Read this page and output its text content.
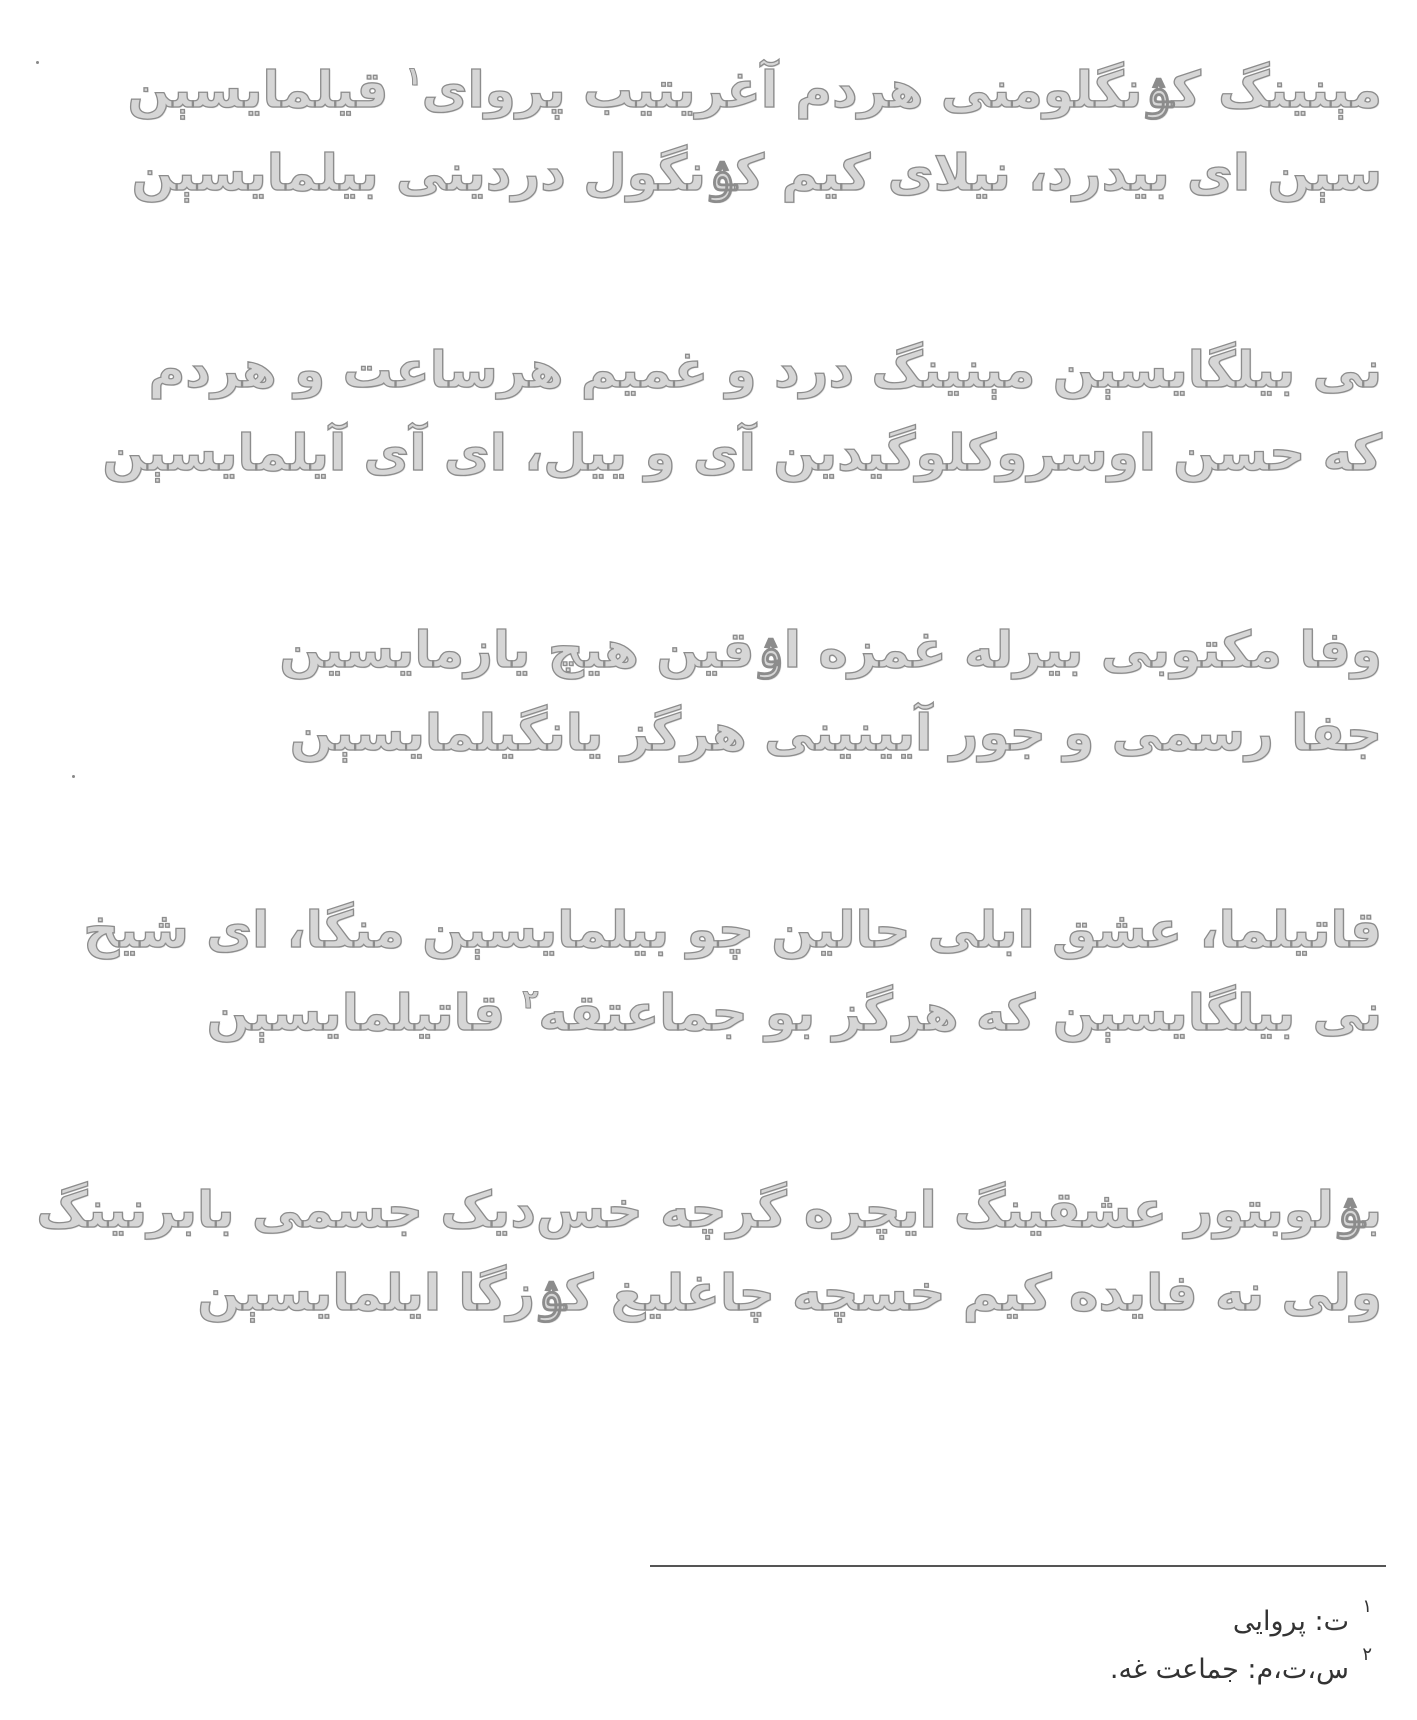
مېنینگ کۉنگلومنی هردم آغریتیب پروای$^۱$ قیلمایسېن
سېن ای بیدرد، نیلای کیم کۉنگول دردینی بیلمایسېن
نی بیلگایسېن مېنینگ درد و غمیم هرساعت و هردم
که حسن اوسروکلوگیدین آی و ییل، ای آی آیلمایسېن
وفا مکتوبی بیرله غمزه اۉقین هیچ یازمایسین
جفا رسمی و جور آیینینی هرگز یانگیلمایسېن
قاتیلما، عشق ابلی حالین چو بیلمایسېن منگا، ای شیخ
نی بیلگایسېن که هرگز بو جماعتقه$^۲$ قاتیلمایسېن
بۉلوبتور عشقینگ ایچره گرچه خس‌دیک جسمی بابرنینگ
ولی نه فایده کیم خسچه چاغلیغ کۉزگا ایلمایسېن
۱
ت: پروایی
۲
س،ت،م: جماعت غه.
